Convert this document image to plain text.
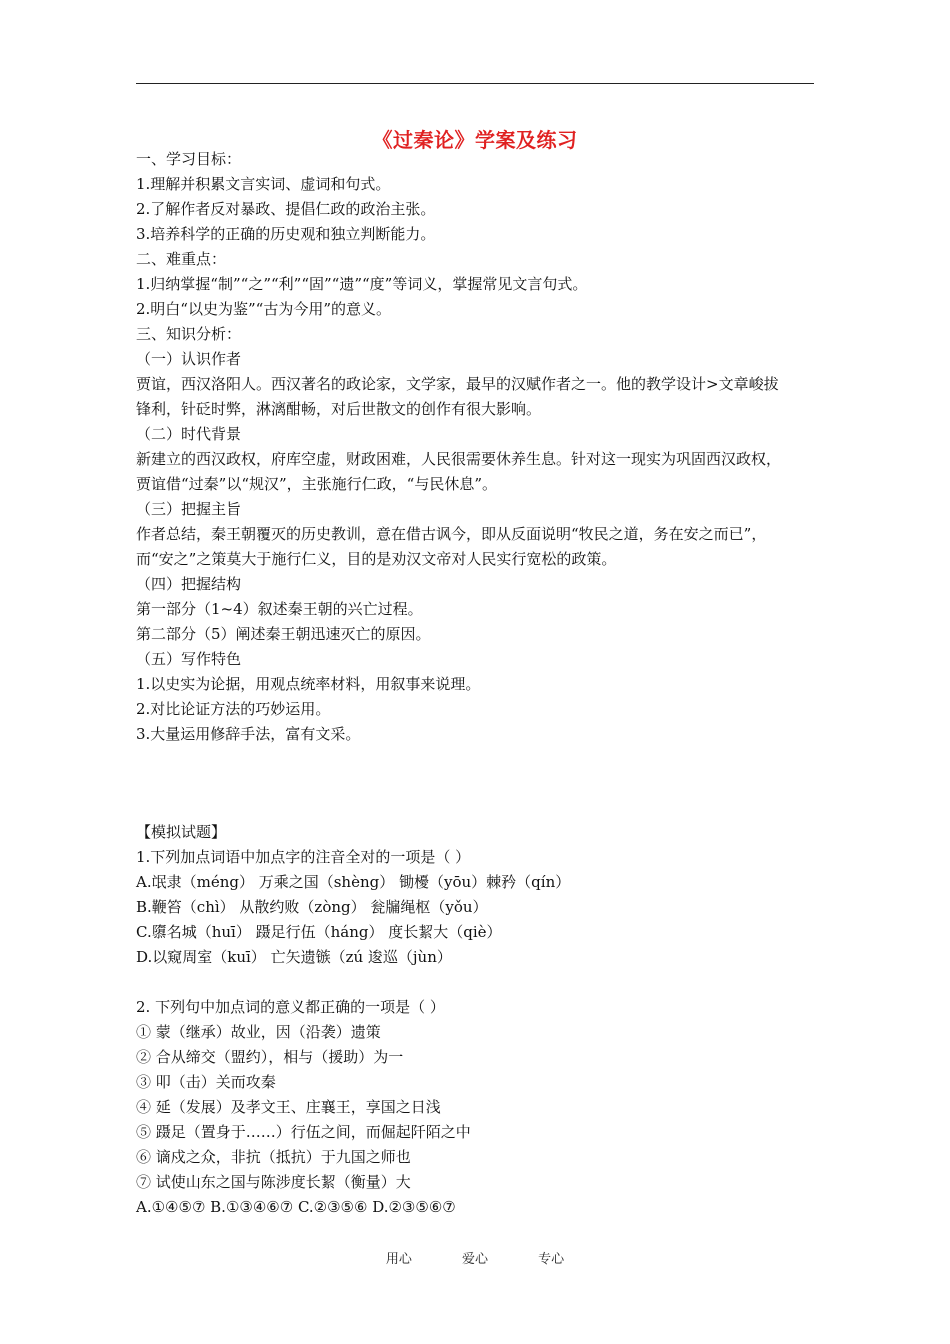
《过秦论》学案及练习
一、学习目标：
1.理解并积累文言实词、虚词和句式。
2.了解作者反对暴政、提倡仁政的政治主张。
3.培养科学的正确的历史观和独立判断能力。
二、难重点：
1.归纳掌握“制”“之”“利”“固”“遗”“度”等词义，掌握常见文言句式。
2.明白“以史为鉴”“古为今用”的意义。
三、知识分析：
（一）认识作者
贾谊，西汉洛阳人。西汉著名的政论家，文学家，最早的汉赋作者之一。他的教学设计>文章峻拔
锋利，针砭时弊，淋漓酣畅，对后世散文的创作有很大影响。
（二）时代背景
新建立的西汉政权，府库空虚，财政困难，人民很需要休养生息。针对这一现实为巩固西汉政权，
贾谊借“过秦”以“规汉”，主张施行仁政，“与民休息”。
（三）把握主旨
作者总结，秦王朝覆灭的历史教训，意在借古讽今，即从反面说明“牧民之道，务在安之而已”，
而“安之”之策莫大于施行仁义，目的是劝汉文帝对人民实行宽松的政策。
（四）把握结构
第一部分（1~4）叙述秦王朝的兴亡过程。
第二部分（5）阐述秦王朝迅速灭亡的原因。
（五）写作特色
1.以史实为论据，用观点统率材料，用叙事来说理。
2.对比论证方法的巧妙运用。
3.大量运用修辞手法，富有文采。
【模拟试题】
1.下列加点词语中加点字的注音全对的一项是（ ）
A.氓隶（méng） 万乘之国（shèng） 锄櫌（yōu）棘矜（qín）
B.鞭笞（chì） 从散约败（zòng） 瓮牖绳枢（yǒu）
C.隳名城（huī） 蹑足行伍（háng） 度长絜大（qiè）
D.以窥周室（kuī） 亡矢遗镞（zú 逡巡（jùn）
2. 下列句中加点词的意义都正确的一项是（ ）
① 蒙（继承）故业，因（沿袭）遗策
② 合从缔交（盟约），相与（援助）为一
③ 叩（击）关而攻秦
④ 延（发展）及孝文王、庄襄王，享国之日浅
⑤ 蹑足（置身于……）行伍之间，而倔起阡陌之中
⑥ 谪戍之众，非抗（抵抗）于九国之师也
⑦ 试使山东之国与陈涉度长絜（衡量）大
A.①④⑤⑦ B.①③④⑥⑦ C.②③⑤⑥ D.②③⑤⑥⑦
用心	爱心	专心
